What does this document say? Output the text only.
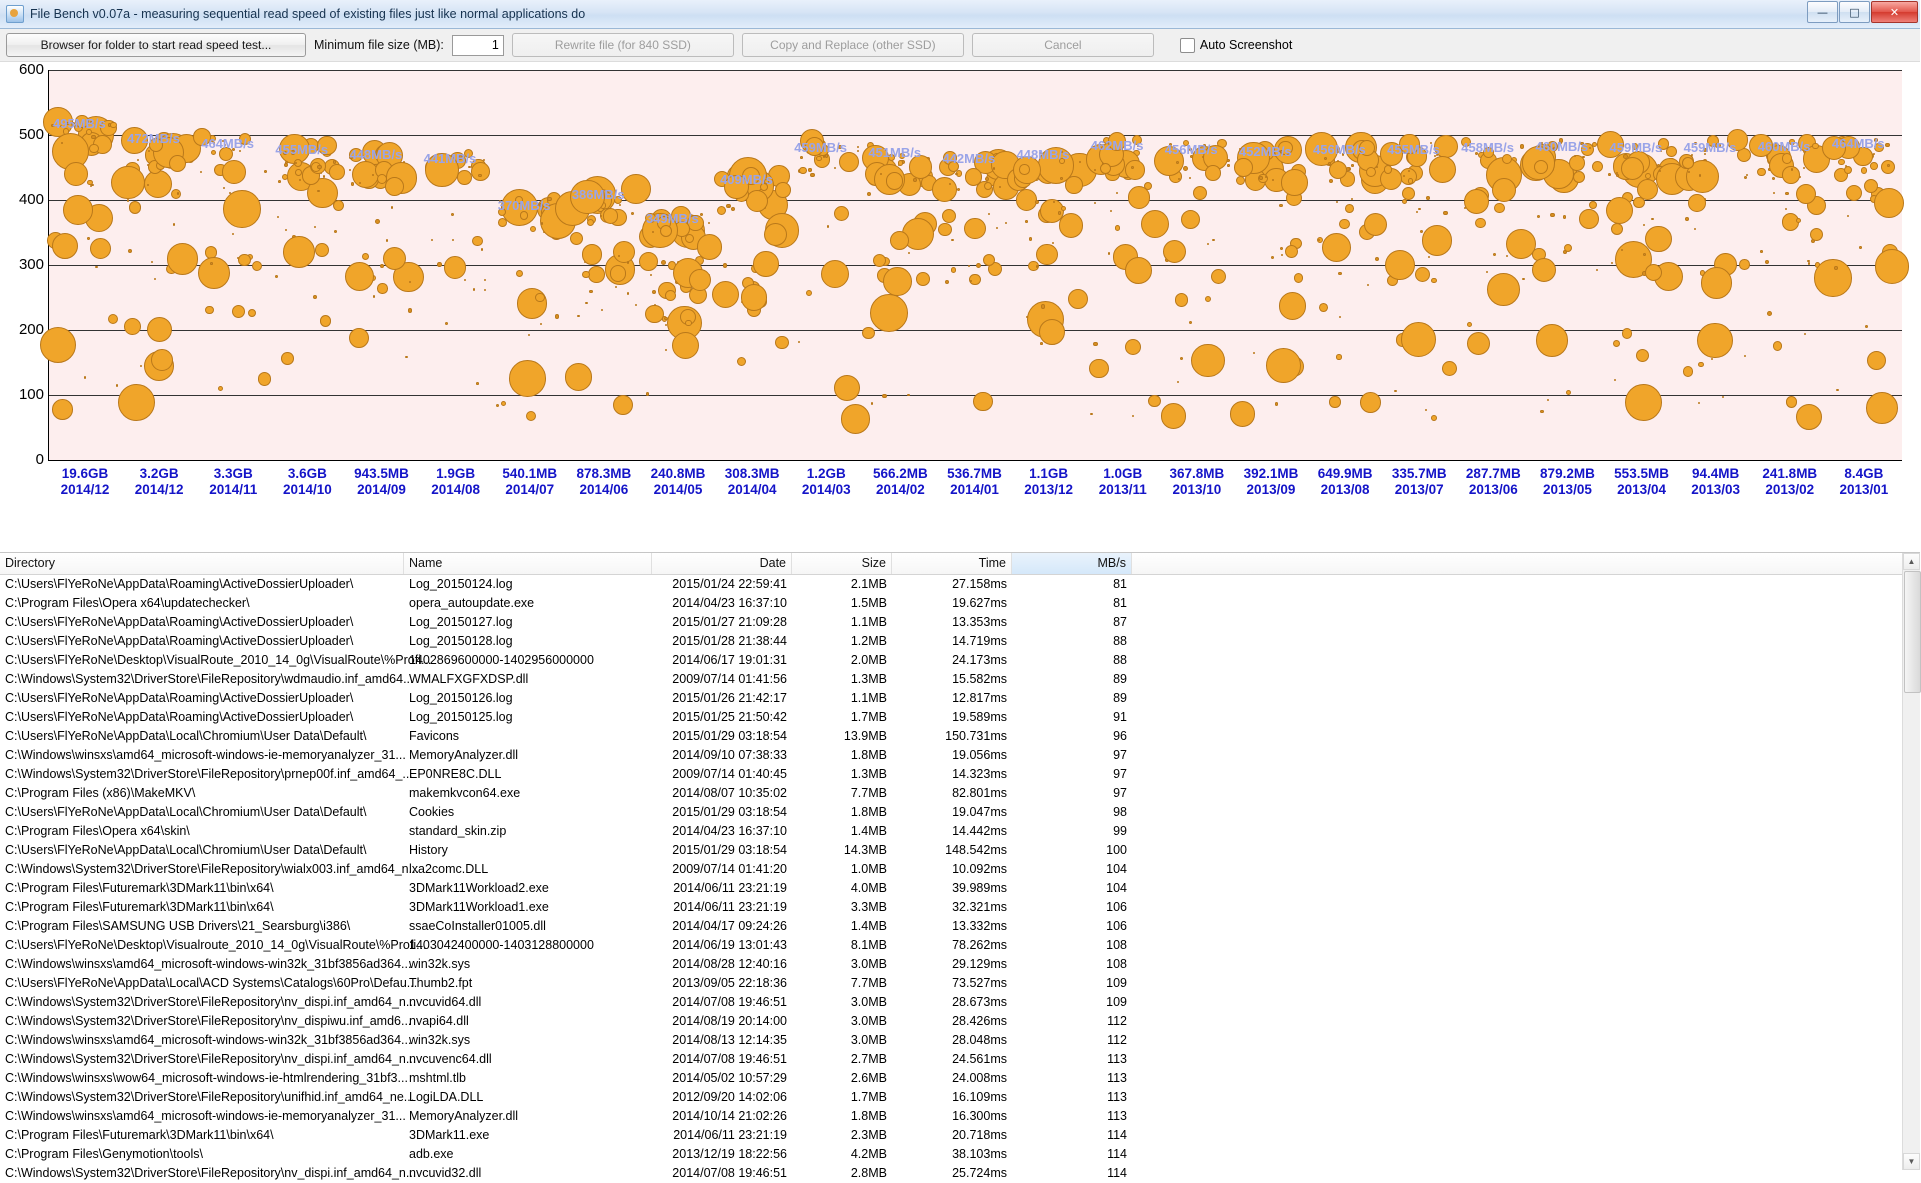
File Bench v0.07a - measuring sequential read speed of existing files just like normal applications do	—	□	✕
Browser for folder to start read speed test...	Minimum file size (MB):
1	Rewrite file (for 840 SSD)	Copy and Replace (other SSD)	Cancel	Auto Screenshot
495MB/s
472MB/s 464MB/s 455MB/s 448MB/s 441MB/s
370MB/s
386MB/s
349MB/s
409MB/s
459MB/s 451MB/s 442MB/s 448MB/s
462MB/s 456MB/s 452MB/s 456MB/s 455MB/s 458MB/s 460MB/s 459MB/s 459MB/s 460MB/s 464MB/s
0
100
200
300
400
500
600
19.6GB
2014/12
3.2GB
2014/12
3.3GB
2014/11
3.6GB
2014/10
943.5MB
2014/09
1.9GB
2014/08
540.1MB
2014/07
878.3MB
2014/06
240.8MB
2014/05
308.3MB
2014/04
1.2GB
2014/03
566.2MB
2014/02
536.7MB
2014/01
1.1GB
2013/12
1.0GB
2013/11
367.8MB
2013/10
392.1MB
2013/09
649.9MB
2013/08
335.7MB
2013/07
287.7MB
2013/06
879.2MB
2013/05
553.5MB
2013/04
94.4MB
2013/03
241.8MB
2013/02
8.4GB
2013/01
Directory	Name	Date	Size	Time	MB/s
C:\Users\FlYeRoNe\AppData\Roaming\ActiveDossierUploader\	Log_20150124.log	2015/01/24 22:59:41	2.1MB	27.158ms	81
C:\Program Files\Opera x64\updatechecker\	opera_autoupdate.exe	2014/04/23 16:37:10	1.5MB	19.627ms	81
C:\Users\FlYeRoNe\AppData\Roaming\ActiveDossierUploader\	Log_20150127.log	2015/01/27 21:09:28	1.1MB	13.353ms	87
C:\Users\FlYeRoNe\AppData\Roaming\ActiveDossierUploader\	Log_20150128.log	2015/01/28 21:38:44	1.2MB	14.719ms	88
C:\Users\FlYeRoNe\Desktop\VisualRoute_2010_14_0g\VisualRoute\%Profi...
1402869600000-1402956000000	2014/06/17 19:01:31	2.0MB	24.173ms	88
C:\Windows\System32\DriverStore\FileRepository\wdmaudio.inf_amd64...
WMALFXGFXDSP.dll	2009/07/14 01:41:56	1.3MB	15.582ms	89
C:\Users\FlYeRoNe\AppData\Roaming\ActiveDossierUploader\	Log_20150126.log	2015/01/26 21:42:17	1.1MB	12.817ms	89
C:\Users\FlYeRoNe\AppData\Roaming\ActiveDossierUploader\	Log_20150125.log	2015/01/25 21:50:42	1.7MB	19.589ms	91
C:\Users\FlYeRoNe\AppData\Local\Chromium\User Data\Default\	Favicons	2015/01/29 03:18:54	13.9MB	150.731ms	96
C:\Windows\winsxs\amd64_microsoft-windows-ie-memoryanalyzer_31... MemoryAnalyzer.dll	2014/09/10 07:38:33	1.8MB	19.056ms	97
C:\Windows\System32\DriverStore\FileRepository\prnep00f.inf_amd64_...
EP0NRE8C.DLL	2009/07/14 01:40:45	1.3MB	14.323ms	97
C:\Program Files (x86)\MakeMKV\	makemkvcon64.exe	2014/08/07 10:35:02	7.7MB	82.801ms	97
C:\Users\FlYeRoNe\AppData\Local\Chromium\User Data\Default\	Cookies	2015/01/29 03:18:54	1.8MB	19.047ms	98
C:\Program Files\Opera x64\skin\	standard_skin.zip	2014/04/23 16:37:10	1.4MB	14.442ms	99
C:\Users\FlYeRoNe\AppData\Local\Chromium\User Data\Default\	History	2015/01/29 03:18:54	14.3MB	148.542ms	100
C:\Windows\System32\DriverStore\FileRepository\wialx003.inf_amd64_n...
lxa2comc.DLL	2009/07/14 01:41:20	1.0MB	10.092ms	104
C:\Program Files\Futuremark\3DMark11\bin\x64\	3DMark11Workload2.exe	2014/06/11 23:21:19	4.0MB	39.989ms	104
C:\Program Files\Futuremark\3DMark11\bin\x64\	3DMark11Workload1.exe	2014/06/11 23:21:19	3.3MB	32.321ms	106
C:\Program Files\SAMSUNG USB Drivers\21_Searsburg\i386\	ssaeCoInstaller01005.dll	2014/04/17 09:24:26	1.4MB	13.332ms	106
C:\Users\FlYeRoNe\Desktop\Visualroute_2010_14_0g\VisualRoute\%Profi...
1403042400000-1403128800000	2014/06/19 13:01:43	8.1MB	78.262ms	108
C:\Windows\winsxs\amd64_microsoft-windows-win32k_31bf3856ad364...
win32k.sys	2014/08/28 12:40:16	3.0MB	29.129ms	108
C:\Users\FlYeRoNe\AppData\Local\ACD Systems\Catalogs\60Pro\Defau...
Thumb2.fpt	2013/09/05 22:18:36	7.7MB	73.527ms	109
C:\Windows\System32\DriverStore\FileRepository\nv_dispi.inf_amd64_n...
nvcuvid64.dll	2014/07/08 19:46:51	3.0MB	28.673ms	109
C:\Windows\System32\DriverStore\FileRepository\nv_dispiwu.inf_amd6...
nvapi64.dll	2014/08/19 20:14:00	3.0MB	28.426ms	112
C:\Windows\winsxs\amd64_microsoft-windows-win32k_31bf3856ad364...
win32k.sys	2014/08/13 12:14:35	3.0MB	28.048ms	112
C:\Windows\System32\DriverStore\FileRepository\nv_dispi.inf_amd64_n...
nvcuvenc64.dll	2014/07/08 19:46:51	2.7MB	24.561ms	113
C:\Windows\winsxs\wow64_microsoft-windows-ie-htmlrendering_31bf3... mshtml.tlb	2014/05/02 10:57:29	2.6MB	24.008ms	113
C:\Windows\System32\DriverStore\FileRepository\unifhid.inf_amd64_ne...
LogiLDA.DLL	2012/09/20 14:02:06	1.7MB	16.109ms	113
C:\Windows\winsxs\amd64_microsoft-windows-ie-memoryanalyzer_31... MemoryAnalyzer.dll	2014/10/14 21:02:26	1.8MB	16.300ms	113
C:\Program Files\Futuremark\3DMark11\bin\x64\	3DMark11.exe	2014/06/11 23:21:19	2.3MB	20.718ms	114
C:\Program Files\Genymotion\tools\	adb.exe	2013/12/19 18:22:56	4.2MB	38.103ms	114
C:\Windows\System32\DriverStore\FileRepository\nv_dispi.inf_amd64_n...
nvcuvid32.dll	2014/07/08 19:46:51	2.8MB	25.724ms	114
▲
▼
